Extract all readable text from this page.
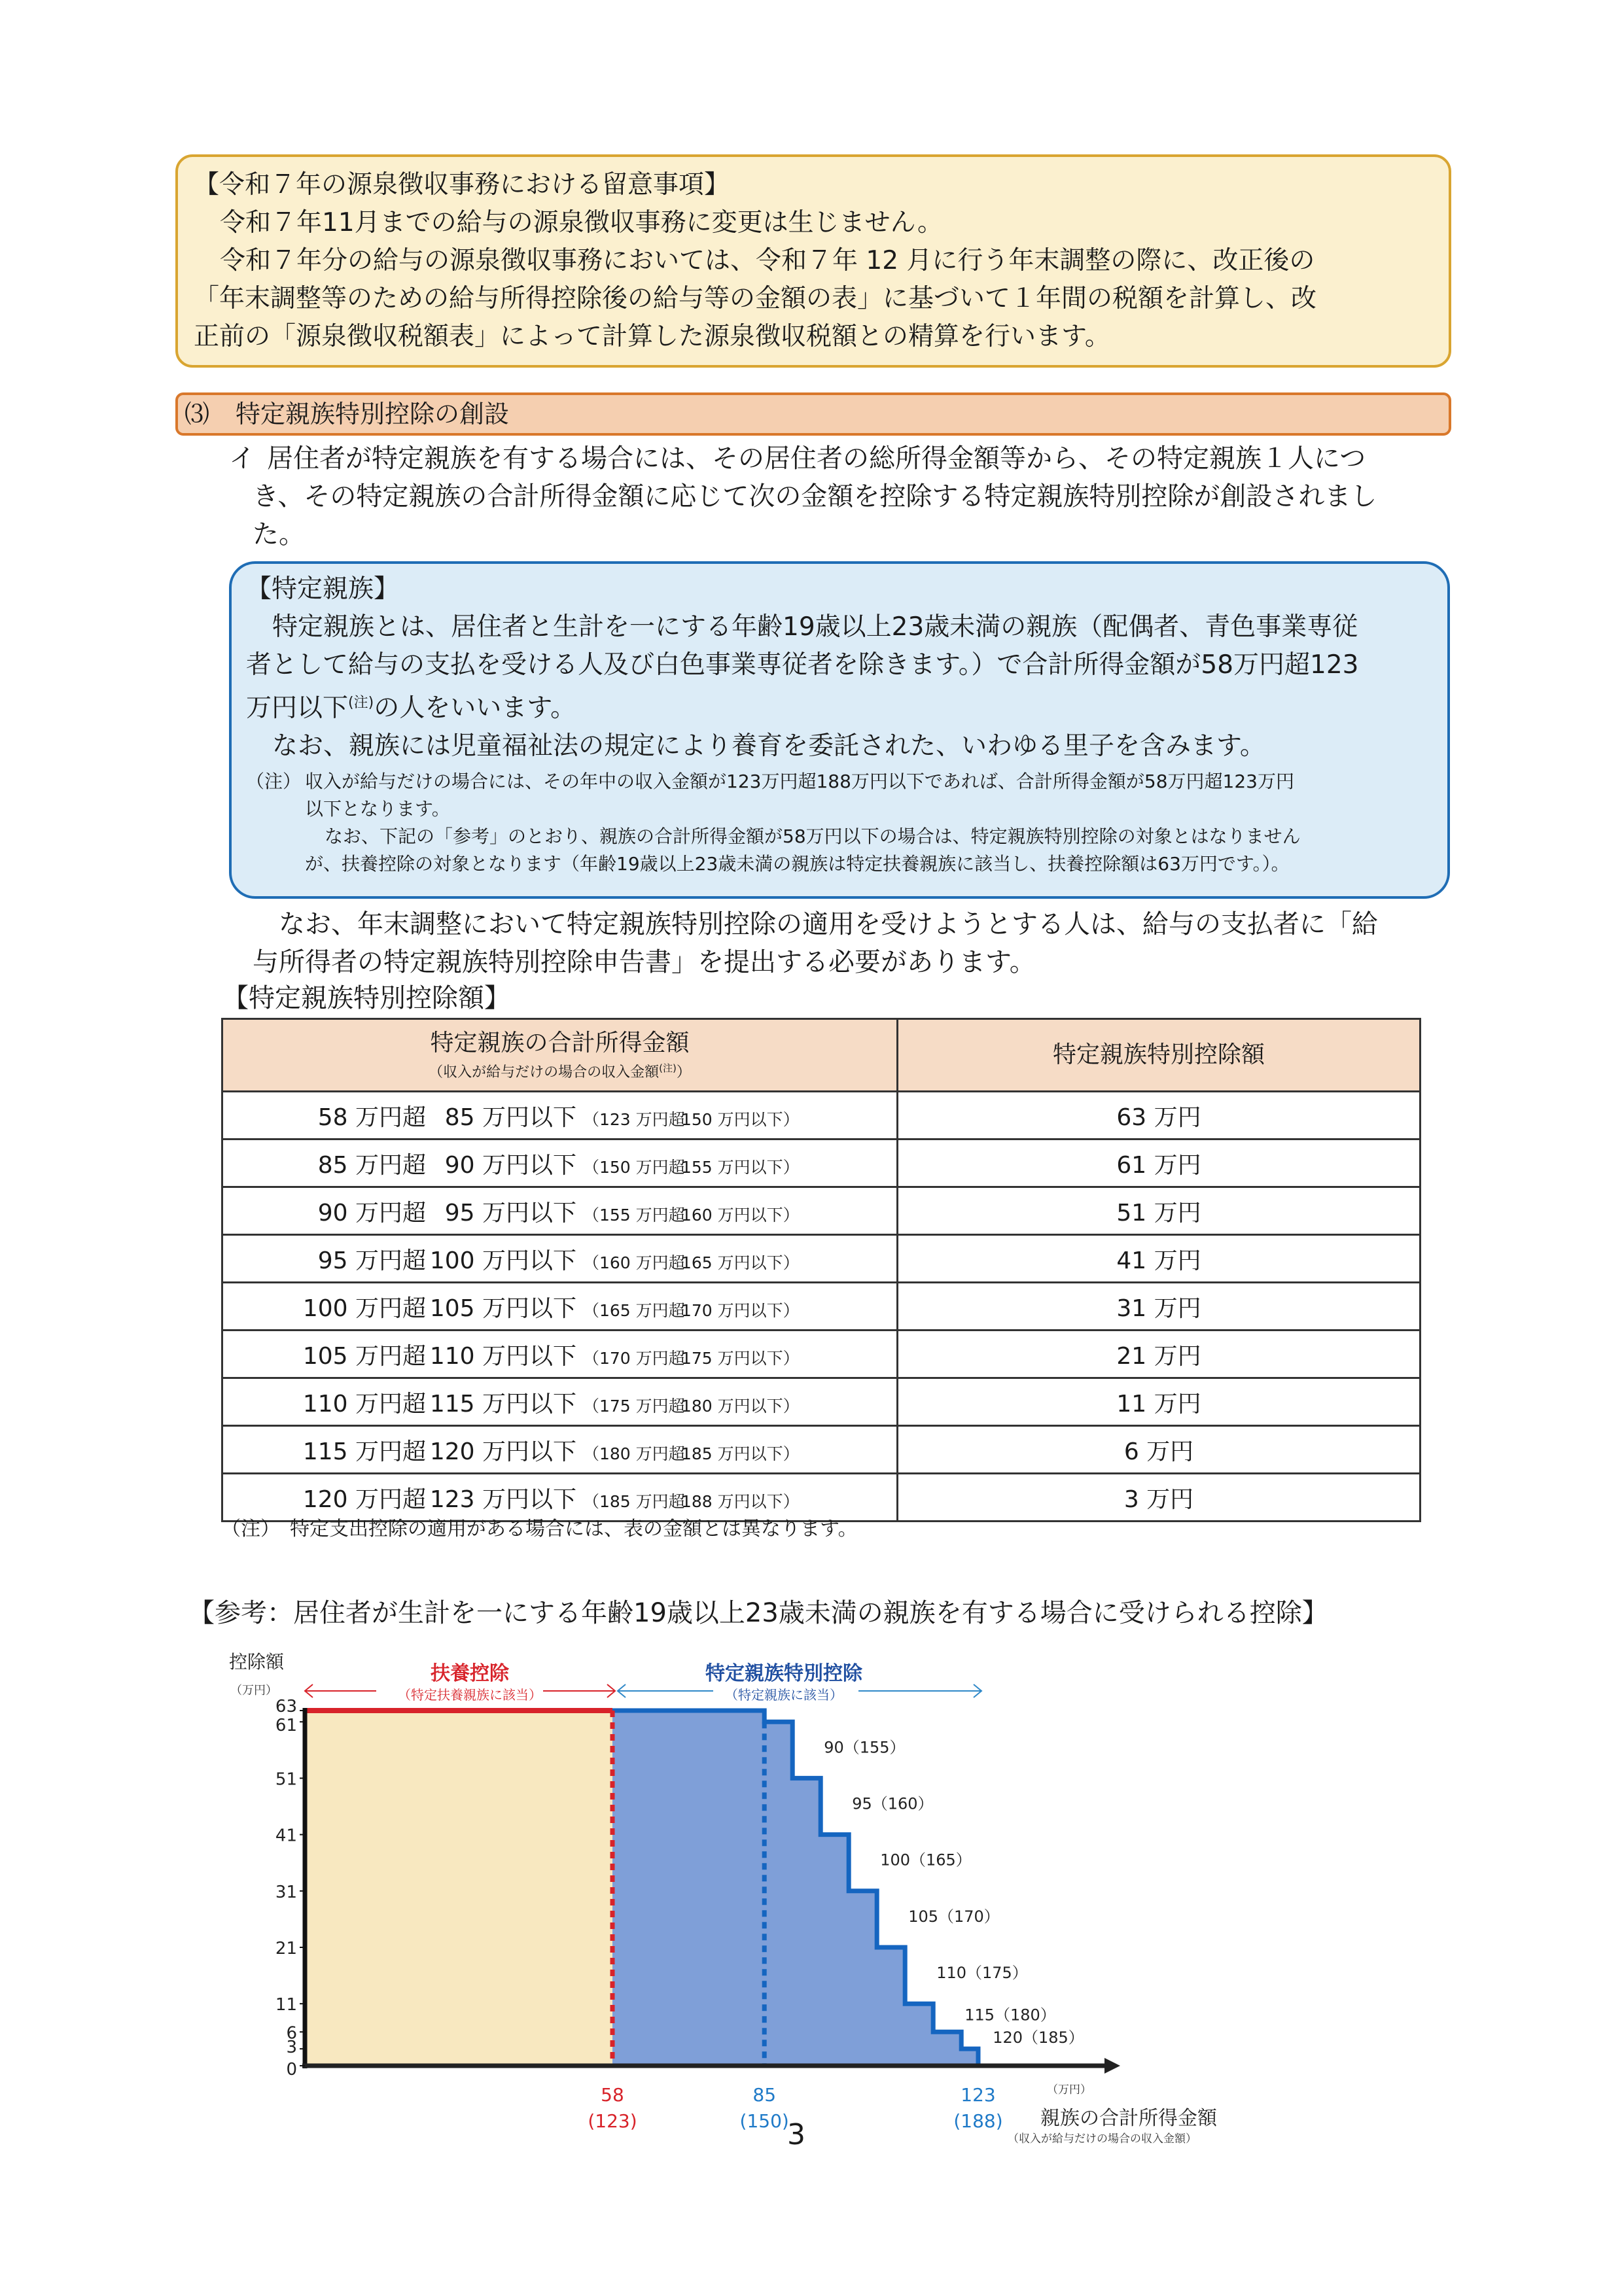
【令和７年の源泉徴収事務における留意事項】
令和７年11月までの給与の源泉徴収事務に変更は生じません。
令和７年分の給与の源泉徴収事務においては、令和７年 12 月に行う年末調整の際に、改正後の
「年末調整等のための給与所得控除後の給与等の金額の表」に基づいて１年間の税額を計算し、改
正前の「源泉徴収税額表」によって計算した源泉徴収税額との精算を行います。
⑶ 特定親族特別控除の創設
イ 居住者が特定親族を有する場合には、その居住者の総所得金額等から、その特定親族１人につ
き、その特定親族の合計所得金額に応じて次の金額を控除する特定親族特別控除が創設されまし
た。
【特定親族】
特定親族とは、居住者と生計を一にする年齢19歳以上23歳未満の親族（配偶者、青色事業専従
者として給与の支払を受ける人及び白色事業専従者を除きます。）で合計所得金額が58万円超123
万円以下$^{(注)}$の人をいいます。
なお、親族には児童福祉法の規定により養育を委託された、いわゆる里子を含みます。
（注） 収入が給与だけの場合には、その年中の収入金額が123万円超188万円以下であれば、合計所得金額が58万円超123万円
以下となります。
なお、下記の「参考」のとおり、親族の合計所得金額が58万円以下の場合は、特定親族特別控除の対象とはなりません
が、扶養控除の対象となります（年齢19歳以上23歳未満の親族は特定扶養親族に該当し、扶養控除額は63万円です。）。
なお、年末調整において特定親族特別控除の適用を受けようとする人は、給与の支払者に「給
与所得者の特定親族特別控除申告書」を提出する必要があります。
【特定親族特別控除額】
特定親族の合計所得金額
（収入が給与だけの場合の収入金額$^{(注)}$）	特定親族特別控除額

58 万円超 85 万円以下 （123 万円超150 万円以下）	63 万円
85 万円超 90 万円以下 （150 万円超155 万円以下）	61 万円
90 万円超 95 万円以下 （155 万円超160 万円以下）	51 万円
95 万円超 100 万円以下 （160 万円超165 万円以下）	41 万円
100 万円超 105 万円以下 （165 万円超170 万円以下）	31 万円
105 万円超 110 万円以下 （170 万円超175 万円以下）	21 万円
110 万円超 115 万円以下 （175 万円超180 万円以下）	11 万円
115 万円超 120 万円以下 （180 万円超185 万円以下）	6 万円
120 万円超 123 万円以下 （185 万円超188 万円以下）	3 万円
（注）　特定支出控除の適用がある場合には、表の金額とは異なります。
【参考：居住者が生計を一にする年齢19歳以上23歳未満の親族を有する場合に受けられる控除】
0
3
6
11
21
31
41
51
61
63
控除額
（万円）
58
(123)
85
(150)
123
(188)
（万円）
親族の合計所得金額
（収入が給与だけの場合の収入金額）
90（155）
95（160）
100（165）
105（170）
110（175）
115（180）
120（185）
扶養控除
（特定扶養親族に該当）
特定親族特別控除
（特定親族に該当）
3
